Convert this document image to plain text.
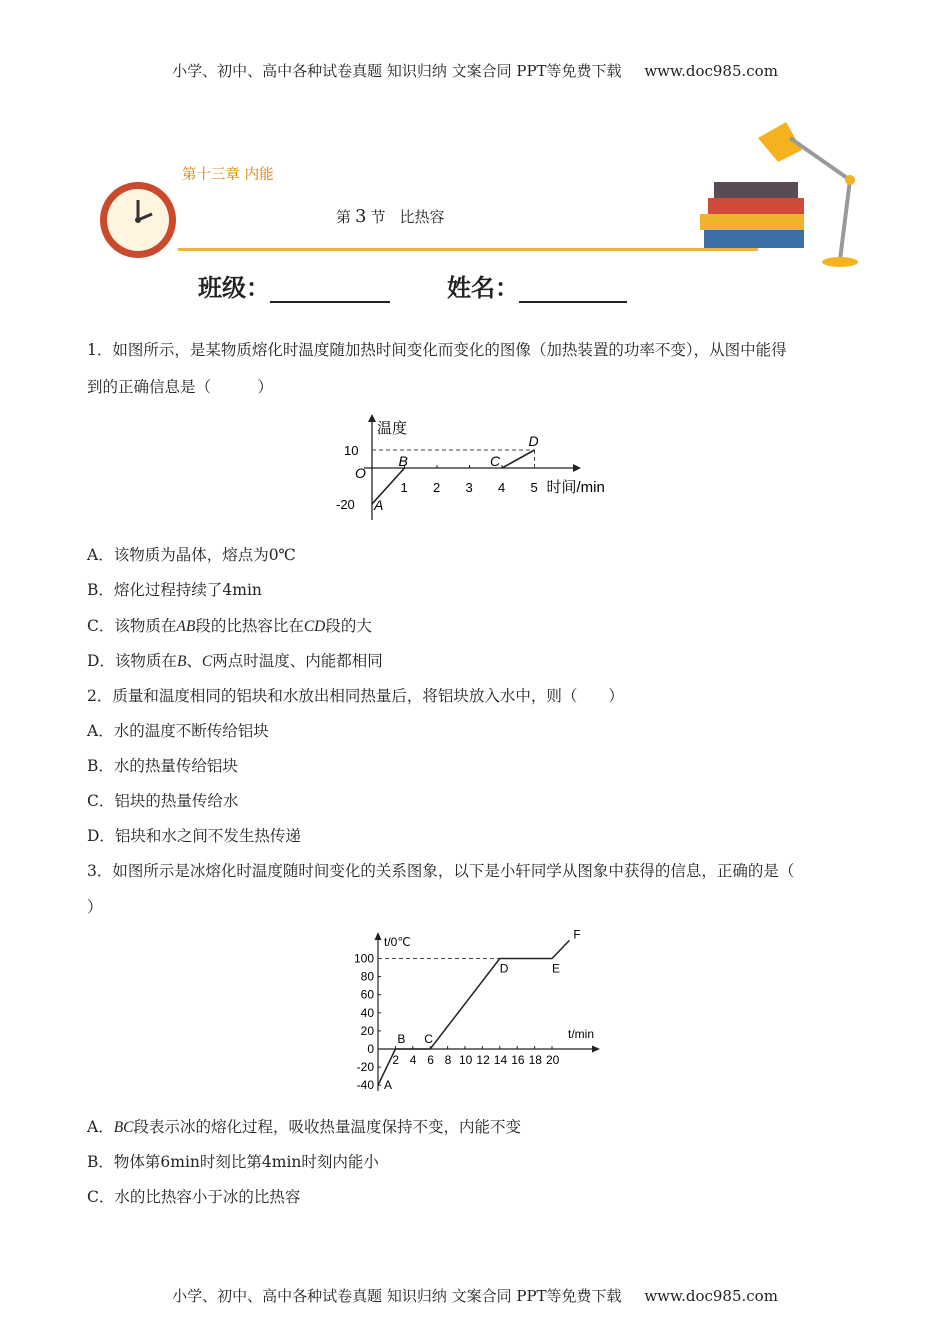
小学、初中、高中各种试卷真题 知识归纳 文案合同 PPT等免费下载 www.doc985.com
第十三章 内能
第 3 节 比热容
班级：	姓名：
1．如图所示，是某物质熔化时温度随加热时间变化而变化的图像（加热装置的功率不变），从图中能得
到的正确信息是（　　　）
温度
时间/min
1 2 3 4 5
10
-20
O
A
B	C
D
A．该物质为晶体，熔点为0℃
B．熔化过程持续了4min
C．该物质在AB段的比热容比在CD段的大
D．该物质在B、C两点时温度、内能都相同
2．质量和温度相同的铝块和水放出相同热量后，将铝块放入水中，则（　　）
A．水的温度不断传给铝块
B．水的热量传给铝块
C．铝块的热量传给水
D．铝块和水之间不发生热传递
3．如图所示是冰熔化时温度随时间变化的关系图象，以下是小轩同学从图象中获得的信息，正确的是（
）
t/0℃
t/min
2 4 6 8 10 12 14 16 18 20
100
80
60
40
20
0
-20
-40 A
B C
D	E
F
A．BC段表示冰的熔化过程，吸收热量温度保持不变，内能不变
B．物体第6min时刻比第4min时刻内能小
C．水的比热容小于冰的比热容
小学、初中、高中各种试卷真题 知识归纳 文案合同 PPT等免费下载 www.doc985.com
